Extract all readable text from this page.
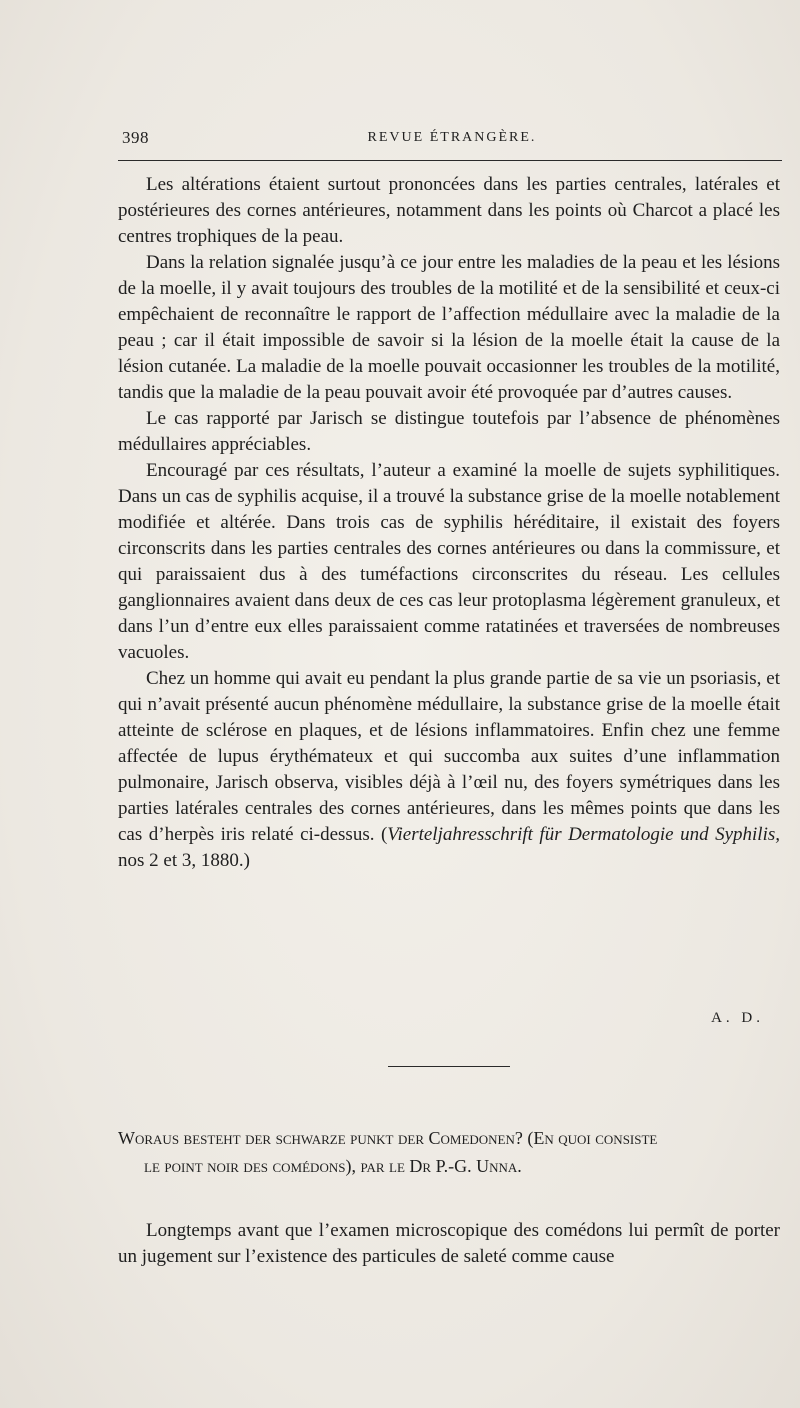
398	REVUE ÉTRANGÈRE.

Les altérations étaient surtout prononcées dans les parties centrales, latérales et postérieures des cornes antérieures, notamment dans les points où Charcot a placé les centres trophiques de la peau.

Dans la relation signalée jusqu’à ce jour entre les maladies de la peau et les lésions de la moelle, il y avait toujours des troubles de la motilité et de la sensibilité et ceux-ci empêchaient de reconnaître le rapport de l’affection médullaire avec la maladie de la peau ; car il était impossible de savoir si la lésion de la moelle était la cause de la lésion cutanée. La maladie de la moelle pouvait occasionner les troubles de la motilité, tandis que la maladie de la peau pouvait avoir été provoquée par d’autres causes.

Le cas rapporté par Jarisch se distingue toutefois par l’absence de phénomènes médullaires appréciables.

Encouragé par ces résultats, l’auteur a examiné la moelle de sujets syphilitiques. Dans un cas de syphilis acquise, il a trouvé la substance grise de la moelle notablement modifiée et altérée. Dans trois cas de syphilis héréditaire, il existait des foyers circonscrits dans les parties centrales des cornes antérieures ou dans la commissure, et qui paraissaient dus à des tuméfactions circonscrites du réseau. Les cellules ganglionnaires avaient dans deux de ces cas leur protoplasma légèrement granuleux, et dans l’un d’entre eux elles paraissaient comme ratatinées et traversées de nombreuses vacuoles.

Chez un homme qui avait eu pendant la plus grande partie de sa vie un psoriasis, et qui n’avait présenté aucun phénomène médullaire, la substance grise de la moelle était atteinte de sclérose en plaques, et de lésions inflammatoires. Enfin chez une femme affectée de lupus érythémateux et qui succomba aux suites d’une inflammation pulmonaire, Jarisch observa, visibles déjà à l’œil nu, des foyers symétriques dans les parties latérales centrales des cornes antérieures, dans les mêmes points que dans les cas d’herpès iris relaté ci-dessus. (Vierteljahresschrift für Dermatologie und Syphilis, nos 2 et 3, 1880.)

A. D.
Woraus besteht der schwarze punkt der Comedonen? (En quoi consiste
le point noir des comédons), par le Dr P.-G. Unna.

Longtemps avant que l’examen microscopique des comédons lui permît de porter un jugement sur l’existence des particules de saleté comme cause
